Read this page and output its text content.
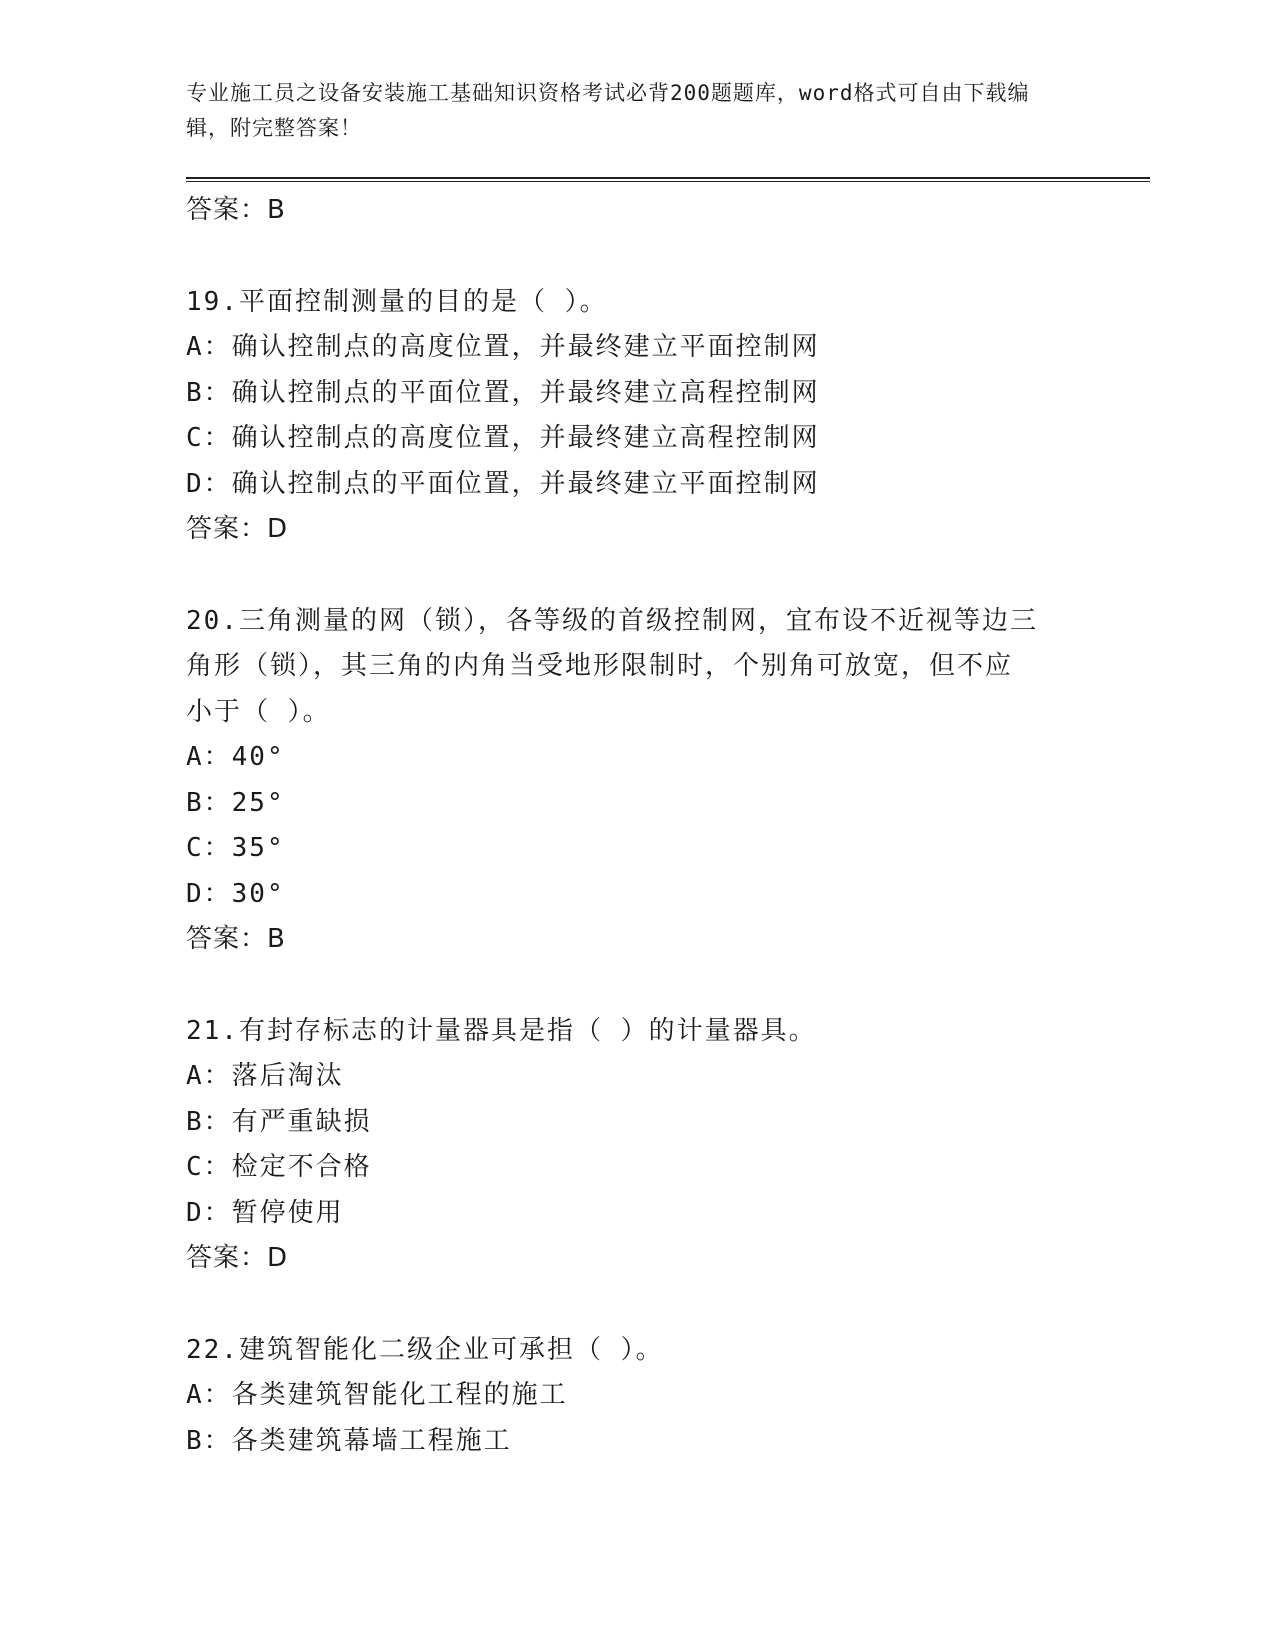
专业施工员之设备安装施工基础知识资格考试必背200题题库，word格式可自由下载编辑，附完整答案！
答案：B
19.平面控制测量的目的是（ ）。
A：确认控制点的高度位置，并最终建立平面控制网
B：确认控制点的平面位置，并最终建立高程控制网
C：确认控制点的高度位置，并最终建立高程控制网
D：确认控制点的平面位置，并最终建立平面控制网
答案：D
20.三角测量的网（锁），各等级的首级控制网，宜布设不近视等边三
角形（锁），其三角的内角当受地形限制时，个别角可放宽，但不应
小于（ ）。
A：40°
B：25°
C：35°
D：30°
答案：B
21.有封存标志的计量器具是指（ ）的计量器具。
A：落后淘汰
B：有严重缺损
C：检定不合格
D：暂停使用
答案：D
22.建筑智能化二级企业可承担（ ）。
A：各类建筑智能化工程的施工
B：各类建筑幕墙工程施工
